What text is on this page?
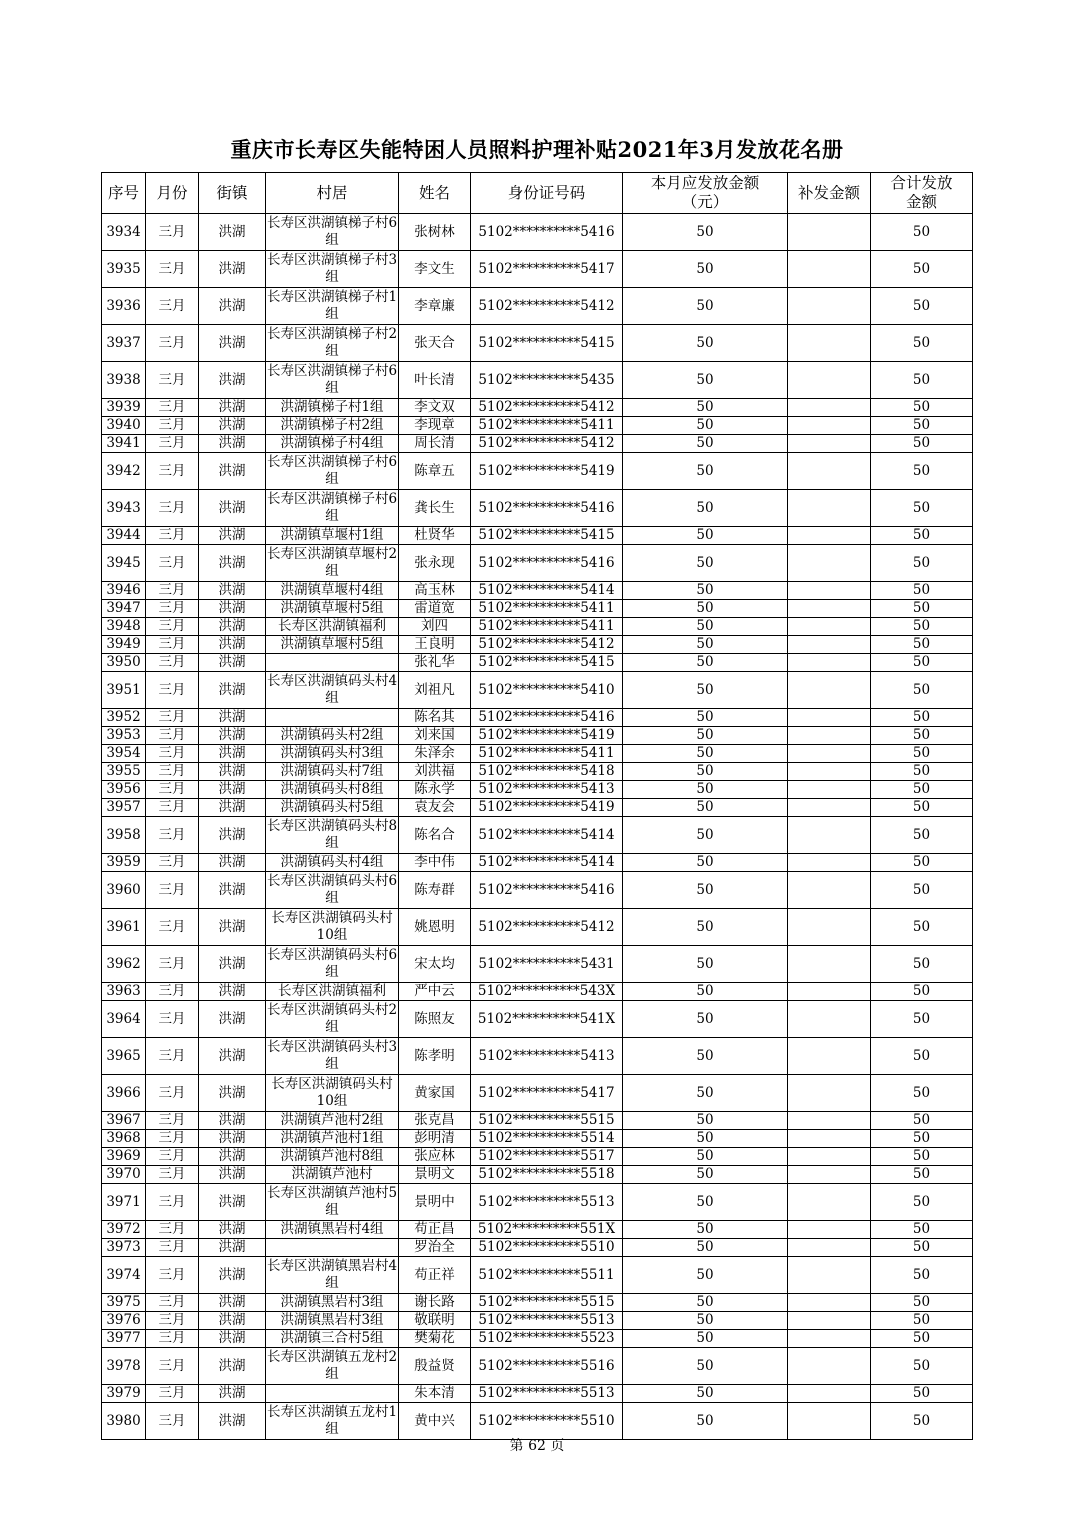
重庆市长寿区失能特困人员照料护理补贴2021年3月发放花名册
序号	月份	街镇	村居	姓名	身份证号码	本月应发放金额（元）	补发金额	合计发放金额
3934	三月	洪湖	长寿区洪湖镇梯子村6组	张树林	5102**********5416	50		50
3935	三月	洪湖	长寿区洪湖镇梯子村3组	李文生	5102**********5417	50		50
3936	三月	洪湖	长寿区洪湖镇梯子村1组	李章廉	5102**********5412	50		50
3937	三月	洪湖	长寿区洪湖镇梯子村2组	张天合	5102**********5415	50		50
3938	三月	洪湖	长寿区洪湖镇梯子村6组	叶长清	5102**********5435	50		50
3939	三月	洪湖	洪湖镇梯子村1组	李文双	5102**********5412	50		50
3940	三月	洪湖	洪湖镇梯子村2组	李现章	5102**********5411	50		50
3941	三月	洪湖	洪湖镇梯子村4组	周长清	5102**********5412	50		50
3942	三月	洪湖	长寿区洪湖镇梯子村6组	陈章五	5102**********5419	50		50
3943	三月	洪湖	长寿区洪湖镇梯子村6组	龚长生	5102**********5416	50		50
3944	三月	洪湖	洪湖镇草堰村1组	杜贤华	5102**********5415	50		50
3945	三月	洪湖	长寿区洪湖镇草堰村2组	张永现	5102**********5416	50		50
3946	三月	洪湖	洪湖镇草堰村4组	高玉林	5102**********5414	50		50
3947	三月	洪湖	洪湖镇草堰村5组	雷道宽	5102**********5411	50		50
3948	三月	洪湖	长寿区洪湖镇福利	刘四	5102**********5411	50		50
3949	三月	洪湖	洪湖镇草堰村5组	王良明	5102**********5412	50		50
3950	三月	洪湖		张礼华	5102**********5415	50		50
3951	三月	洪湖	长寿区洪湖镇码头村4组	刘祖凡	5102**********5410	50		50
3952	三月	洪湖		陈名其	5102**********5416	50		50
3953	三月	洪湖	洪湖镇码头村2组	刘来国	5102**********5419	50		50
3954	三月	洪湖	洪湖镇码头村3组	朱泽余	5102**********5411	50		50
3955	三月	洪湖	洪湖镇码头村7组	刘洪福	5102**********5418	50		50
3956	三月	洪湖	洪湖镇码头村8组	陈永学	5102**********5413	50		50
3957	三月	洪湖	洪湖镇码头村5组	袁友会	5102**********5419	50		50
3958	三月	洪湖	长寿区洪湖镇码头村8组	陈名合	5102**********5414	50		50
3959	三月	洪湖	洪湖镇码头村4组	李中伟	5102**********5414	50		50
3960	三月	洪湖	长寿区洪湖镇码头村6组	陈寿群	5102**********5416	50		50
3961	三月	洪湖	长寿区洪湖镇码头村10组	姚恩明	5102**********5412	50		50
3962	三月	洪湖	长寿区洪湖镇码头村6组	宋太均	5102**********5431	50		50
3963	三月	洪湖	长寿区洪湖镇福利	严中云	5102**********543X	50		50
3964	三月	洪湖	长寿区洪湖镇码头村2组	陈照友	5102**********541X	50		50
3965	三月	洪湖	长寿区洪湖镇码头村3组	陈孝明	5102**********5413	50		50
3966	三月	洪湖	长寿区洪湖镇码头村10组	黄家国	5102**********5417	50		50
3967	三月	洪湖	洪湖镇芦池村2组	张克昌	5102**********5515	50		50
3968	三月	洪湖	洪湖镇芦池村1组	彭明清	5102**********5514	50		50
3969	三月	洪湖	洪湖镇芦池村8组	张应林	5102**********5517	50		50
3970	三月	洪湖	洪湖镇芦池村	景明文	5102**********5518	50		50
3971	三月	洪湖	长寿区洪湖镇芦池村5组	景明中	5102**********5513	50		50
3972	三月	洪湖	洪湖镇黑岩村4组	苟正昌	5102**********551X	50		50
3973	三月	洪湖		罗治全	5102**********5510	50		50
3974	三月	洪湖	长寿区洪湖镇黑岩村4组	苟正祥	5102**********5511	50		50
3975	三月	洪湖	洪湖镇黑岩村3组	谢长路	5102**********5515	50		50
3976	三月	洪湖	洪湖镇黑岩村3组	敬联明	5102**********5513	50		50
3977	三月	洪湖	洪湖镇三合村5组	樊菊花	5102**********5523	50		50
3978	三月	洪湖	长寿区洪湖镇五龙村2组	殷益贤	5102**********5516	50		50
3979	三月	洪湖		朱本清	5102**********5513	50		50
3980	三月	洪湖	长寿区洪湖镇五龙村1组	黄中兴	5102**********5510	50		50
第 62 页
